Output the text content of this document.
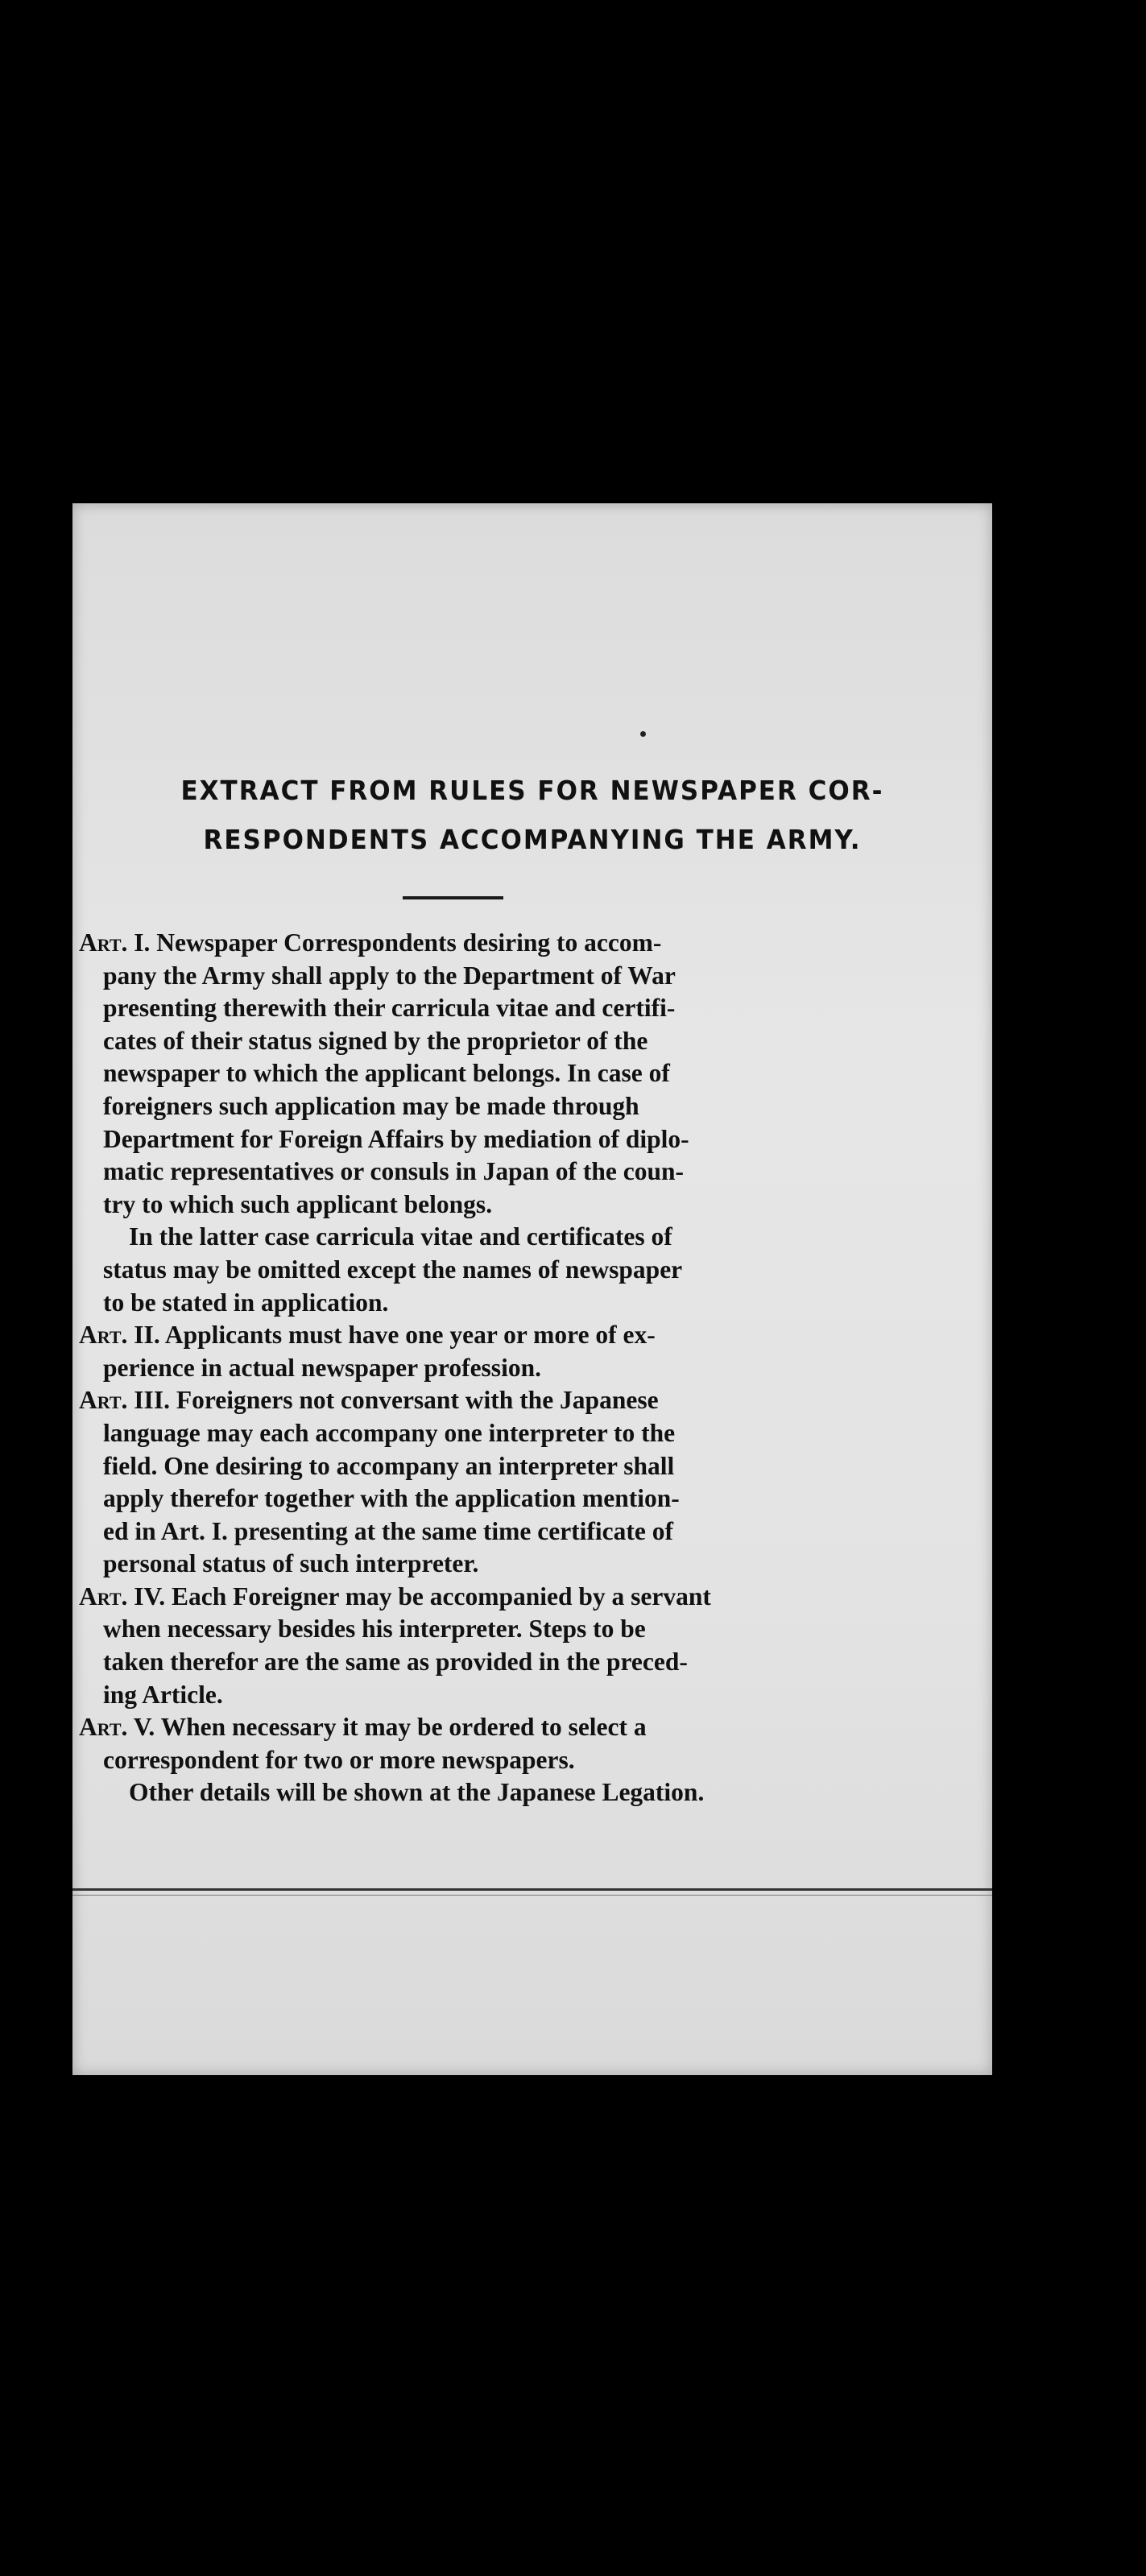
EXTRACT FROM RULES FOR NEWSPAPER COR-
RESPONDENTS ACCOMPANYING THE ARMY.
Art. I. Newspaper Correspondents desiring to accom-
pany the Army shall apply to the Department of War
presenting therewith their carricula vitae and certifi-
cates of their status signed by the proprietor of the
newspaper to which the applicant belongs. In case of
foreigners such application may be made through
Department for Foreign Affairs by mediation of diplo-
matic representatives or consuls in Japan of the coun-
try to which such applicant belongs.
In the latter case carricula vitae and certificates of
status may be omitted except the names of newspaper
to be stated in application.
Art. II. Applicants must have one year or more of ex-
perience in actual newspaper profession.
Art. III. Foreigners not conversant with the Japanese
language may each accompany one interpreter to the
field. One desiring to accompany an interpreter shall
apply therefor together with the application mention-
ed in Art. I. presenting at the same time certificate of
personal status of such interpreter.
Art. IV. Each Foreigner may be accompanied by a servant
when necessary besides his interpreter. Steps to be
taken therefor are the same as provided in the preced-
ing Article.
Art. V. When necessary it may be ordered to select a
correspondent for two or more newspapers.
Other details will be shown at the Japanese Legation.
